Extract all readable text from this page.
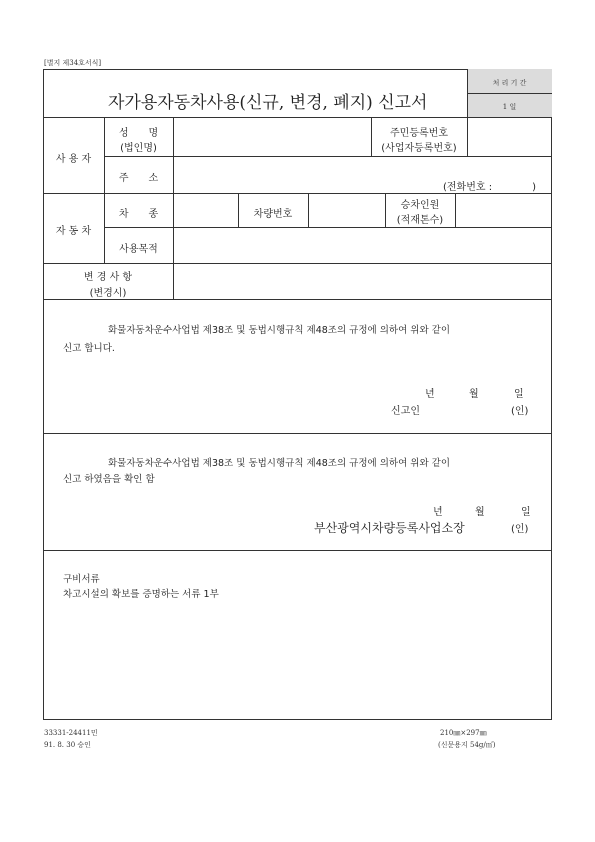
[별지 제34호서식]
자가용자동차사용(신규, 변경, 폐지) 신고서
처 리 기 간
1 일
사 용 자
성　　명
(법인명)
주민등록번호
(사업자등록번호)
주　　소
(전화번호 :　　　　)
자 동 차
차　　종	차량번호
승차인원
(적재톤수)
사용목적
변 경 사 항
(변경시)
화물자동차운수사업법 제38조 및 동법시행규칙 제48조의 규정에 의하여 위와 같이
신고 합니다.
년	월	일
신고인	(인)
화물자동차운수사업법 제38조 및 동법시행규칙 제48조의 규정에 의하여 위와 같이
신고 하였음을 확인 함
년	월	일
부산광역시차량등록사업소장	(인)
구비서류
차고시설의 확보를 증명하는 서류 1부
33331-24411민
91. 8. 30 승인
210㎜×297㎜
(신문용지 54g/㎡)
